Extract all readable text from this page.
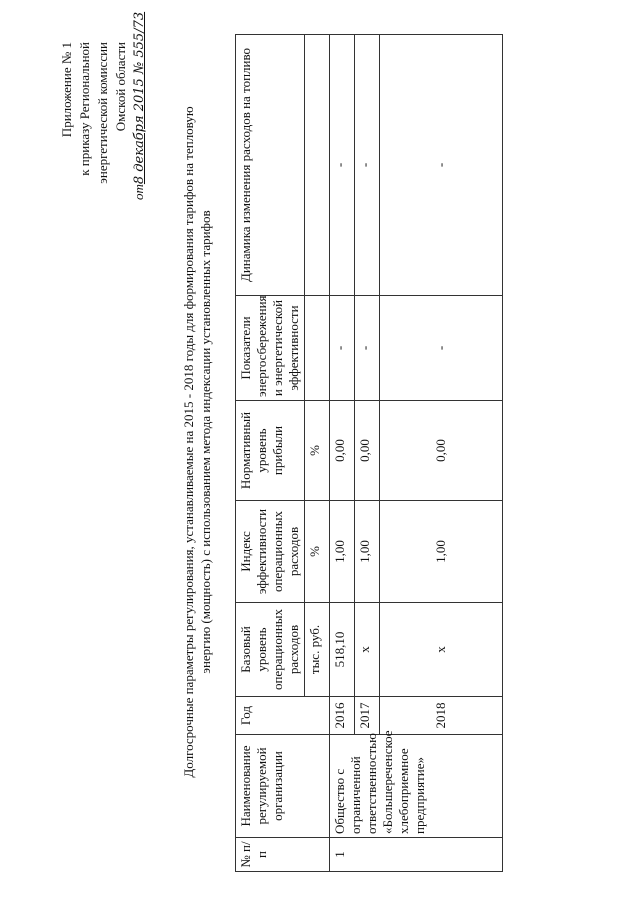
Приложение № 1 к приказу Региональной энергетической комиссии Омской области
от8 декабря 2015 № 555/73
Долгосрочные параметры регулирования, устанавливаемые на 2015 - 2018 годы для формирования тарифов на тепловую энергию (мощность) с использованием метода индексации установленных тарифов
№ п/п	Наименование регулируемой организации	Год	Базовый уровень операционных расходов	Индекс эффективности операционных расходов	Нормативный уровень прибыли	Показатели энергосбережения и энергетической эффективности	Динамика изменения расходов на топливо
			тыс. руб.	%	%		
1	Общество с ограниченной ответственностью «Большереченское хлебоприемное предприятие»	2016	518,10	1,00	0,00	-	-
		2017	х	1,00	0,00	-	-
		2018	х	1,00	0,00	-	-
